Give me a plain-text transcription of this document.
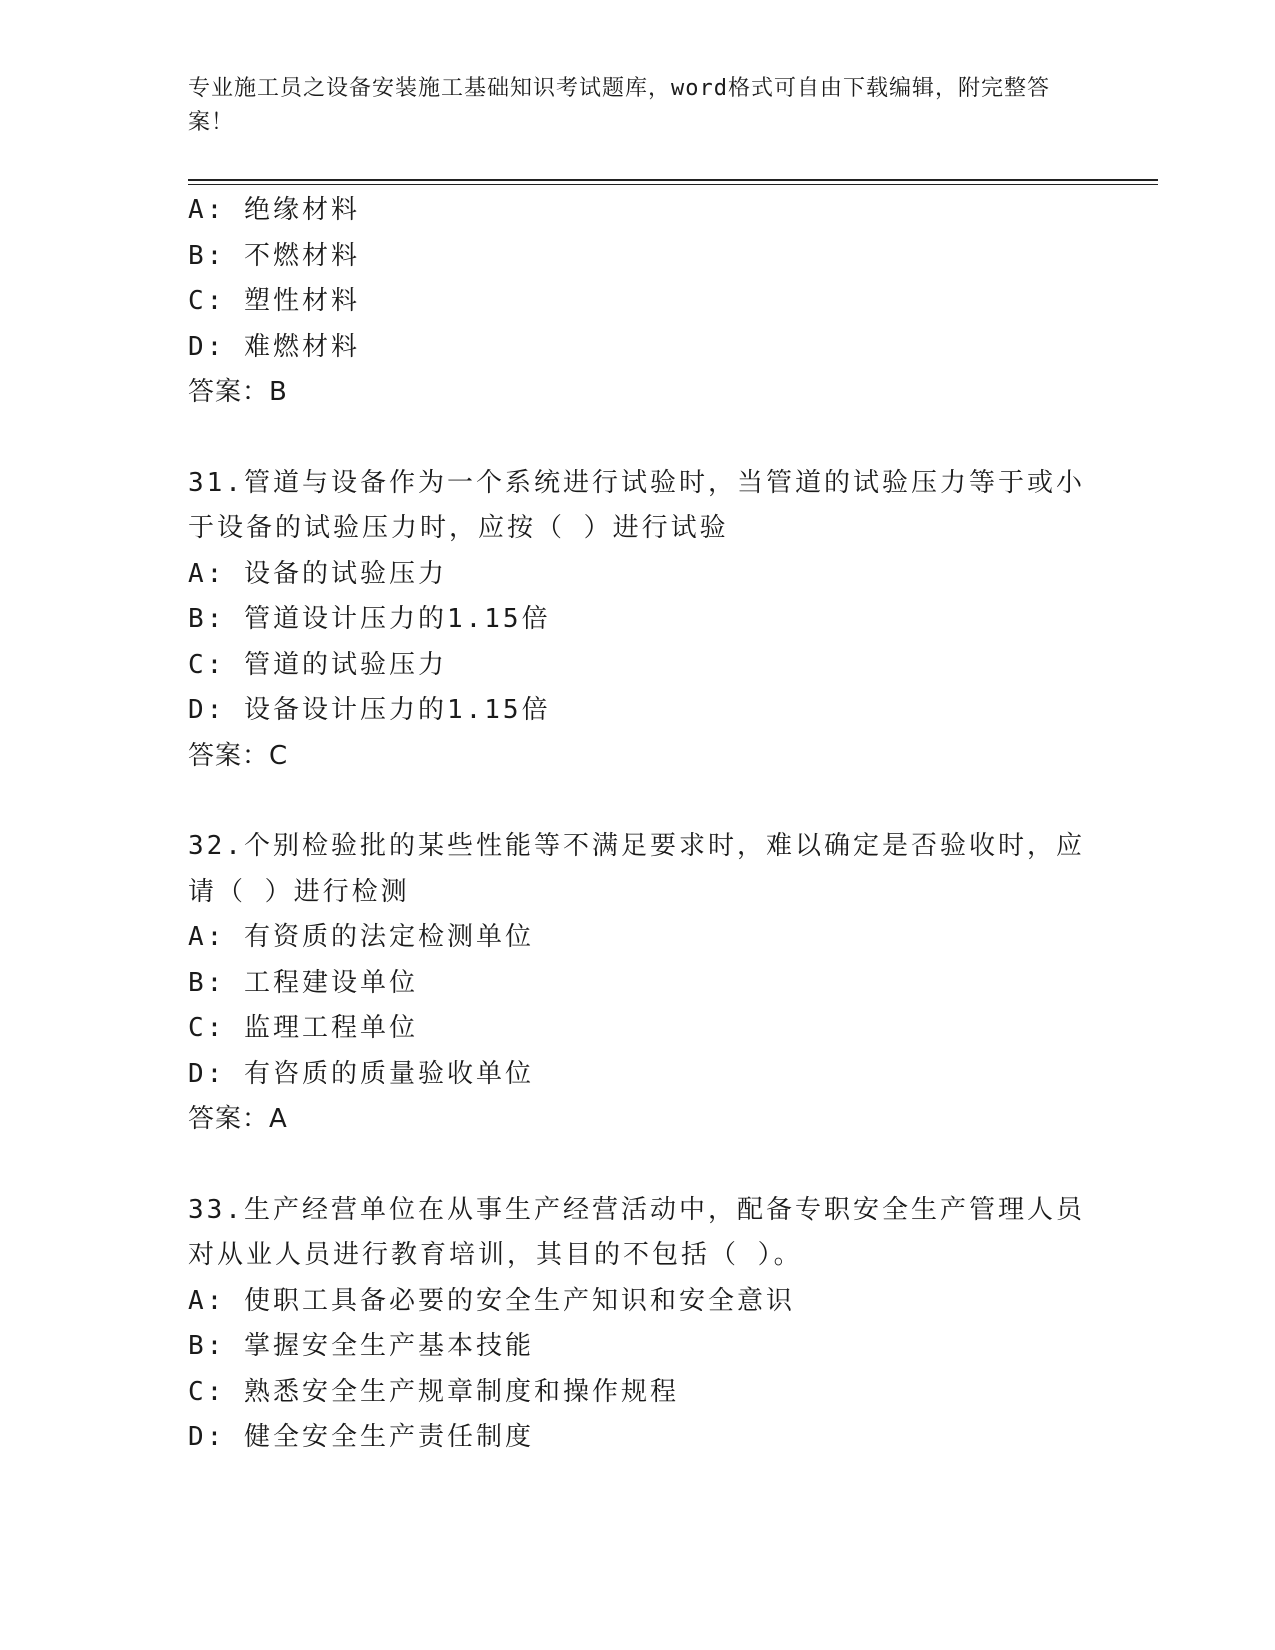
专业施工员之设备安装施工基础知识考试题库，word格式可自由下载编辑，附完整答案！
A: 绝缘材料
B: 不燃材料
C: 塑性材料
D: 难燃材料
答案：B
31.管道与设备作为一个系统进行试验时，当管道的试验压力等于或小
于设备的试验压力时，应按（ ）进行试验
A: 设备的试验压力
B: 管道设计压力的1.15倍
C: 管道的试验压力
D: 设备设计压力的1.15倍
答案：C
32.个别检验批的某些性能等不满足要求时，难以确定是否验收时，应
请（ ）进行检测
A: 有资质的法定检测单位
B: 工程建设单位
C: 监理工程单位
D: 有咨质的质量验收单位
答案：A
33.生产经营单位在从事生产经营活动中，配备专职安全生产管理人员
对从业人员进行教育培训，其目的不包括（ ）。
A: 使职工具备必要的安全生产知识和安全意识
B: 掌握安全生产基本技能
C: 熟悉安全生产规章制度和操作规程
D: 健全安全生产责任制度
